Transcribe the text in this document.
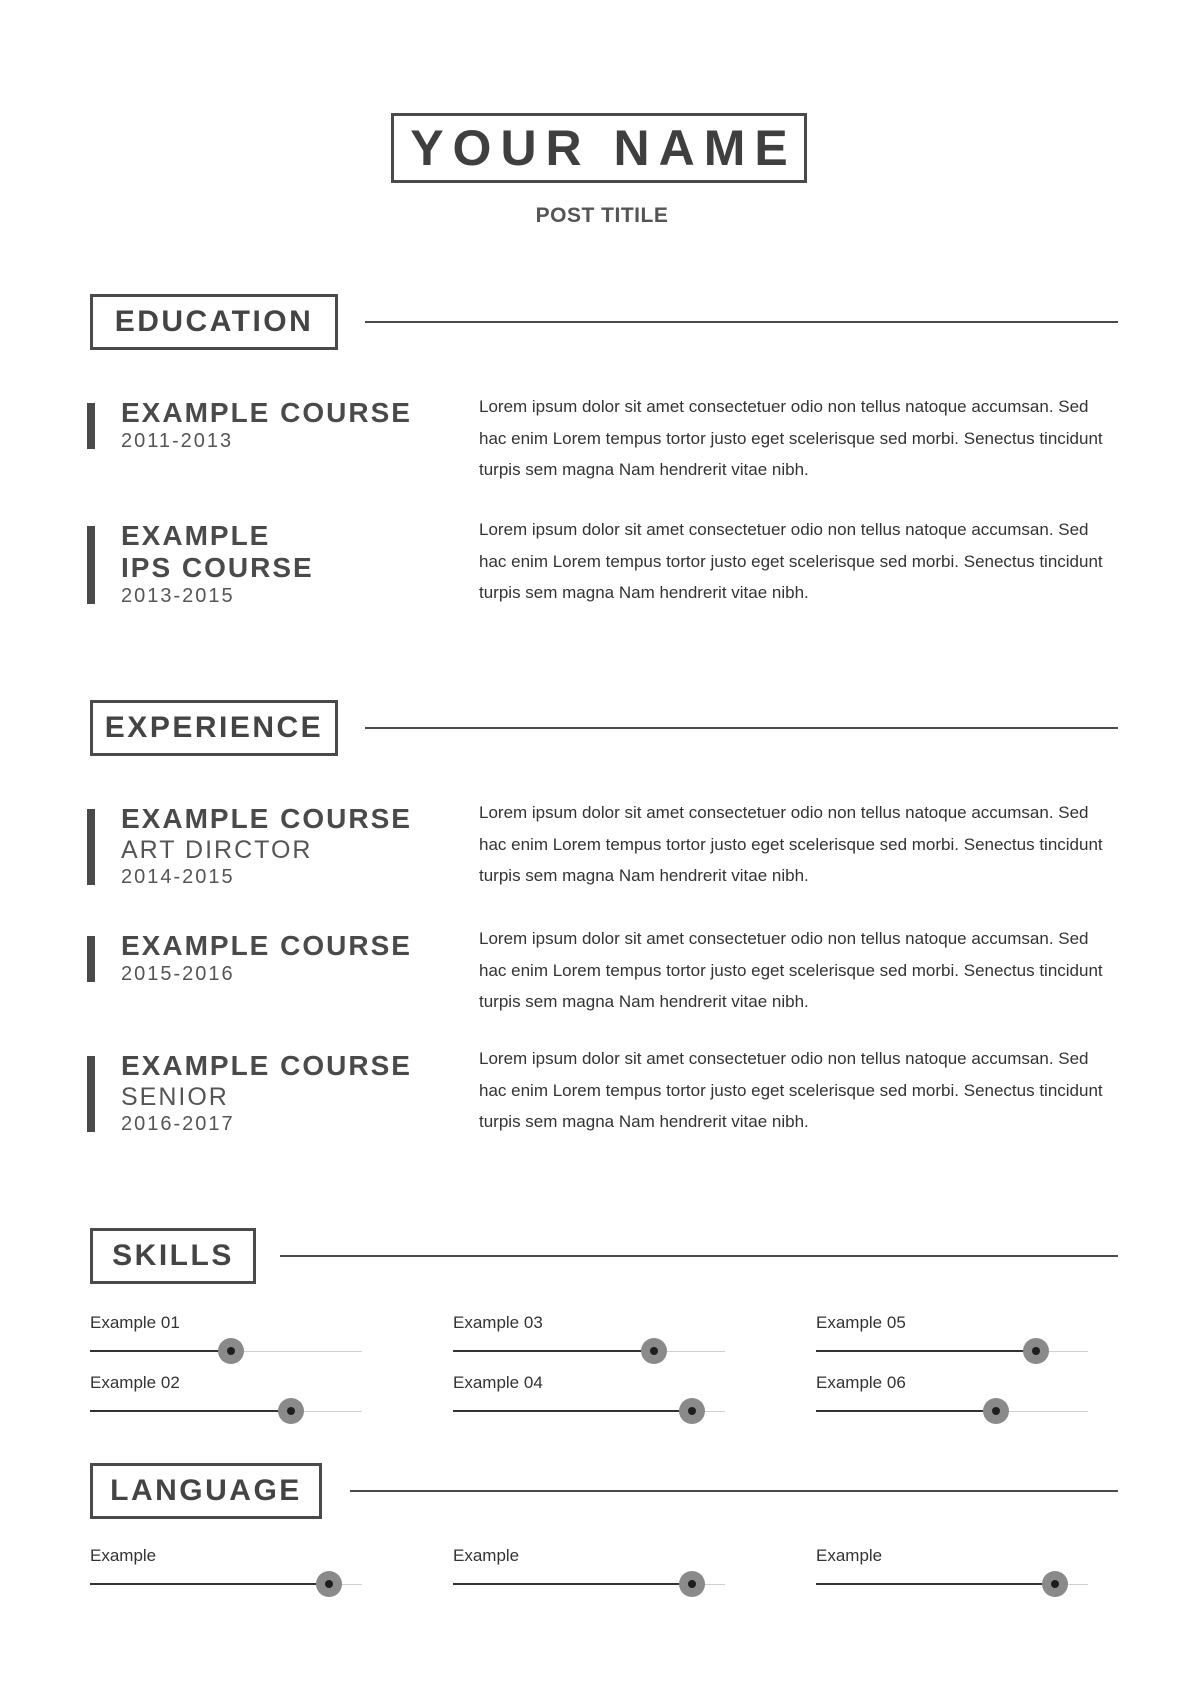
YOUR NAME
POST TITILE
EDUCATION
EXAMPLE COURSE
2011-2013
Lorem ipsum dolor sit amet consectetuer odio non tellus natoque accumsan. Sed hac enim Lorem tempus tortor justo eget scelerisque sed morbi. Senectus tincidunt turpis sem magna Nam hendrerit vitae nibh.
EXAMPLE
IPS COURSE
2013-2015
Lorem ipsum dolor sit amet consectetuer odio non tellus natoque accumsan. Sed hac enim Lorem tempus tortor justo eget scelerisque sed morbi. Senectus tincidunt turpis sem magna Nam hendrerit vitae nibh.
EXPERIENCE
EXAMPLE COURSE
ART DIRCTOR
2014-2015
Lorem ipsum dolor sit amet consectetuer odio non tellus natoque accumsan. Sed hac enim Lorem tempus tortor justo eget scelerisque sed morbi. Senectus tincidunt turpis sem magna Nam hendrerit vitae nibh.
EXAMPLE COURSE
2015-2016
Lorem ipsum dolor sit amet consectetuer odio non tellus natoque accumsan. Sed hac enim Lorem tempus tortor justo eget scelerisque sed morbi. Senectus tincidunt turpis sem magna Nam hendrerit vitae nibh.
EXAMPLE COURSE
SENIOR
2016-2017
Lorem ipsum dolor sit amet consectetuer odio non tellus natoque accumsan. Sed hac enim Lorem tempus tortor justo eget scelerisque sed morbi. Senectus tincidunt turpis sem magna Nam hendrerit vitae nibh.
SKILLS
Example 01
Example 02
Example 03
Example 04
Example 05
Example 06
LANGUAGE
Example	Example	Example
